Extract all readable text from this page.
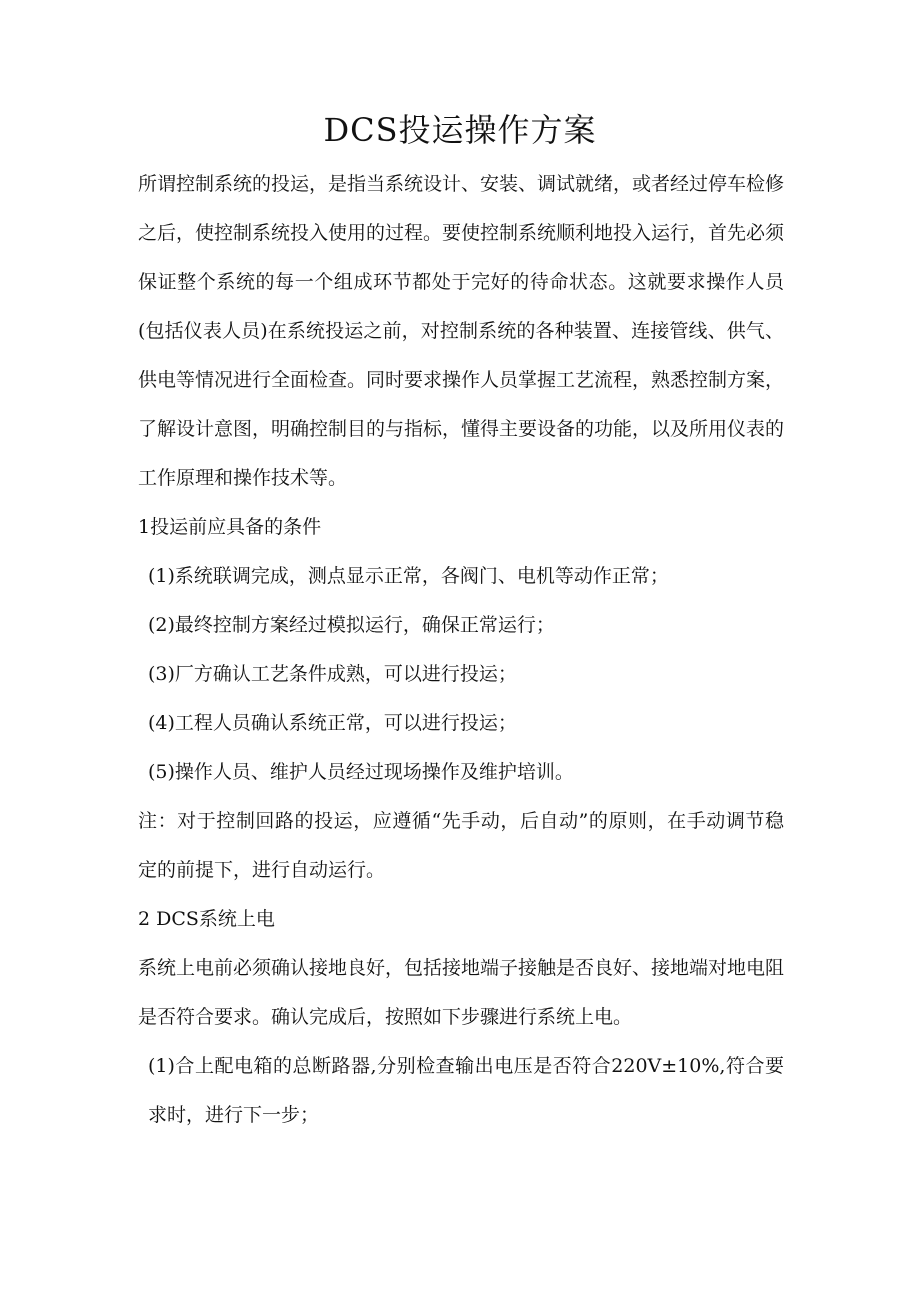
DCS投运操作方案

所谓控制系统的投运，是指当系统设计、安装、调试就绪，或者经过停车检修之后，使控制系统投入使用的过程。要使控制系统顺利地投入运行，首先必须保证整个系统的每一个组成环节都处于完好的待命状态。这就要求操作人员(包括仪表人员)在系统投运之前，对控制系统的各种装置、连接管线、供气、供电等情况进行全面检查。同时要求操作人员掌握工艺流程，熟悉控制方案，了解设计意图，明确控制目的与指标，懂得主要设备的功能，以及所用仪表的工作原理和操作技术等。

1投运前应具备的条件

(1)系统联调完成，测点显示正常，各阀门、电机等动作正常；

(2)最终控制方案经过模拟运行，确保正常运行；

(3)厂方确认工艺条件成熟，可以进行投运；

(4)工程人员确认系统正常，可以进行投运；

(5)操作人员、维护人员经过现场操作及维护培训。

注：对于控制回路的投运，应遵循“先手动，后自动”的原则，在手动调节稳定的前提下，进行自动运行。

2 DCS系统上电

系统上电前必须确认接地良好，包括接地端子接触是否良好、接地端对地电阻是否符合要求。确认完成后，按照如下步骤进行系统上电。

(1)合上配电箱的总断路器,分别检查输出电压是否符合220V±10%,符合要求时，进行下一步；
